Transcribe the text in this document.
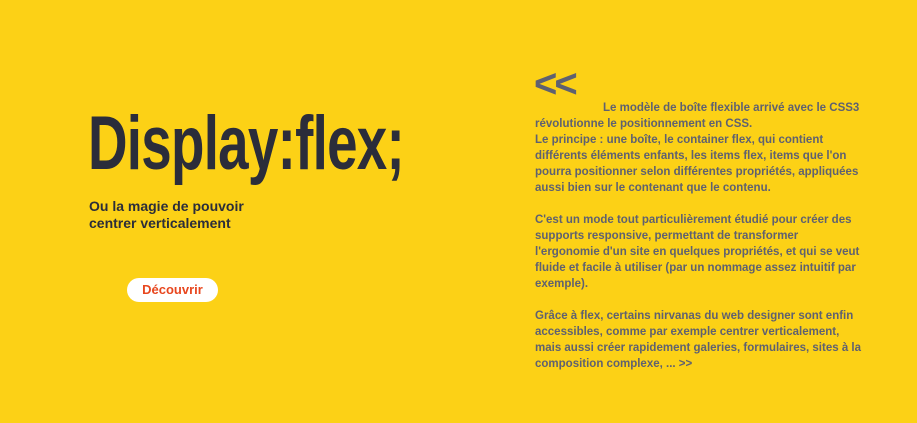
Display:flex;

Ou la magie de pouvoir centrer verticalement

Découvrir
<<

Le modèle de boîte flexible arrivé avec le CSS3 révolutionne le positionnement en CSS.
Le principe : une boîte, le container flex, qui contient différents éléments enfants, les items flex, items que l'on pourra positionner selon différentes propriétés, appliquées aussi bien sur le contenant que le contenu.

C'est un mode tout particulièrement étudié pour créer des supports responsive, permettant de transformer l'ergonomie d'un site en quelques propriétés, et qui se veut fluide et facile à utiliser (par un nommage assez intuitif par exemple).

Grâce à flex, certains nirvanas du web designer sont enfin accessibles, comme par exemple centrer verticalement, mais aussi créer rapidement galeries, formulaires, sites à la composition complexe, ... >>
